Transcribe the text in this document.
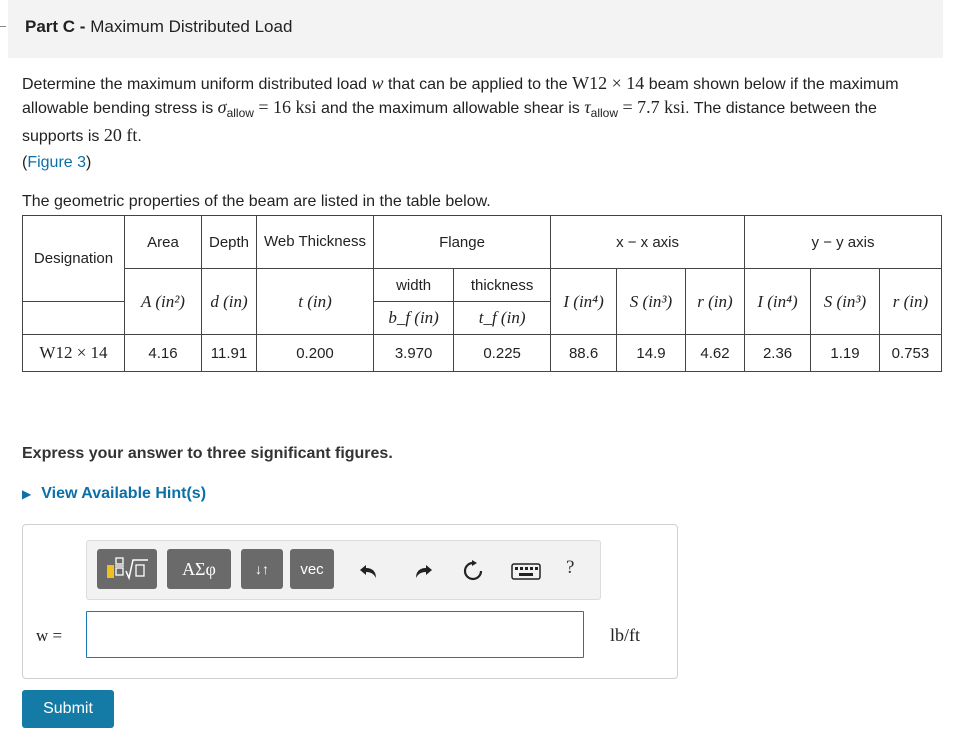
Part C - Maximum Distributed Load
Determine the maximum uniform distributed load w that can be applied to the W12 × 14 beam shown below if the maximum allowable bending stress is $\sigma_{allow} = 16$ ksi and the maximum allowable shear is $\tau_{allow} = 7.7$ ksi. The distance between the supports is 20 ft.
(Figure 3)
The geometric properties of the beam are listed in the table below.
Designation	Area	Depth	Web Thickness	Flange		x − x axis			y − y axis		
	A (in²)	d (in)	t (in)	width	thickness	I (in⁴)	S (in³)	r (in)	I (in⁴)	S (in³)	r (in)
				b_f (in)	t_f (in)						
W12 × 14	4.16	11.91	0.200	3.970	0.225	88.6	14.9	4.62	2.36	1.19	0.753
Express your answer to three significant figures.
▶ View Available Hint(s)
ΑΣφ	↓↑	vec	?
w =	lb/ft
Submit
